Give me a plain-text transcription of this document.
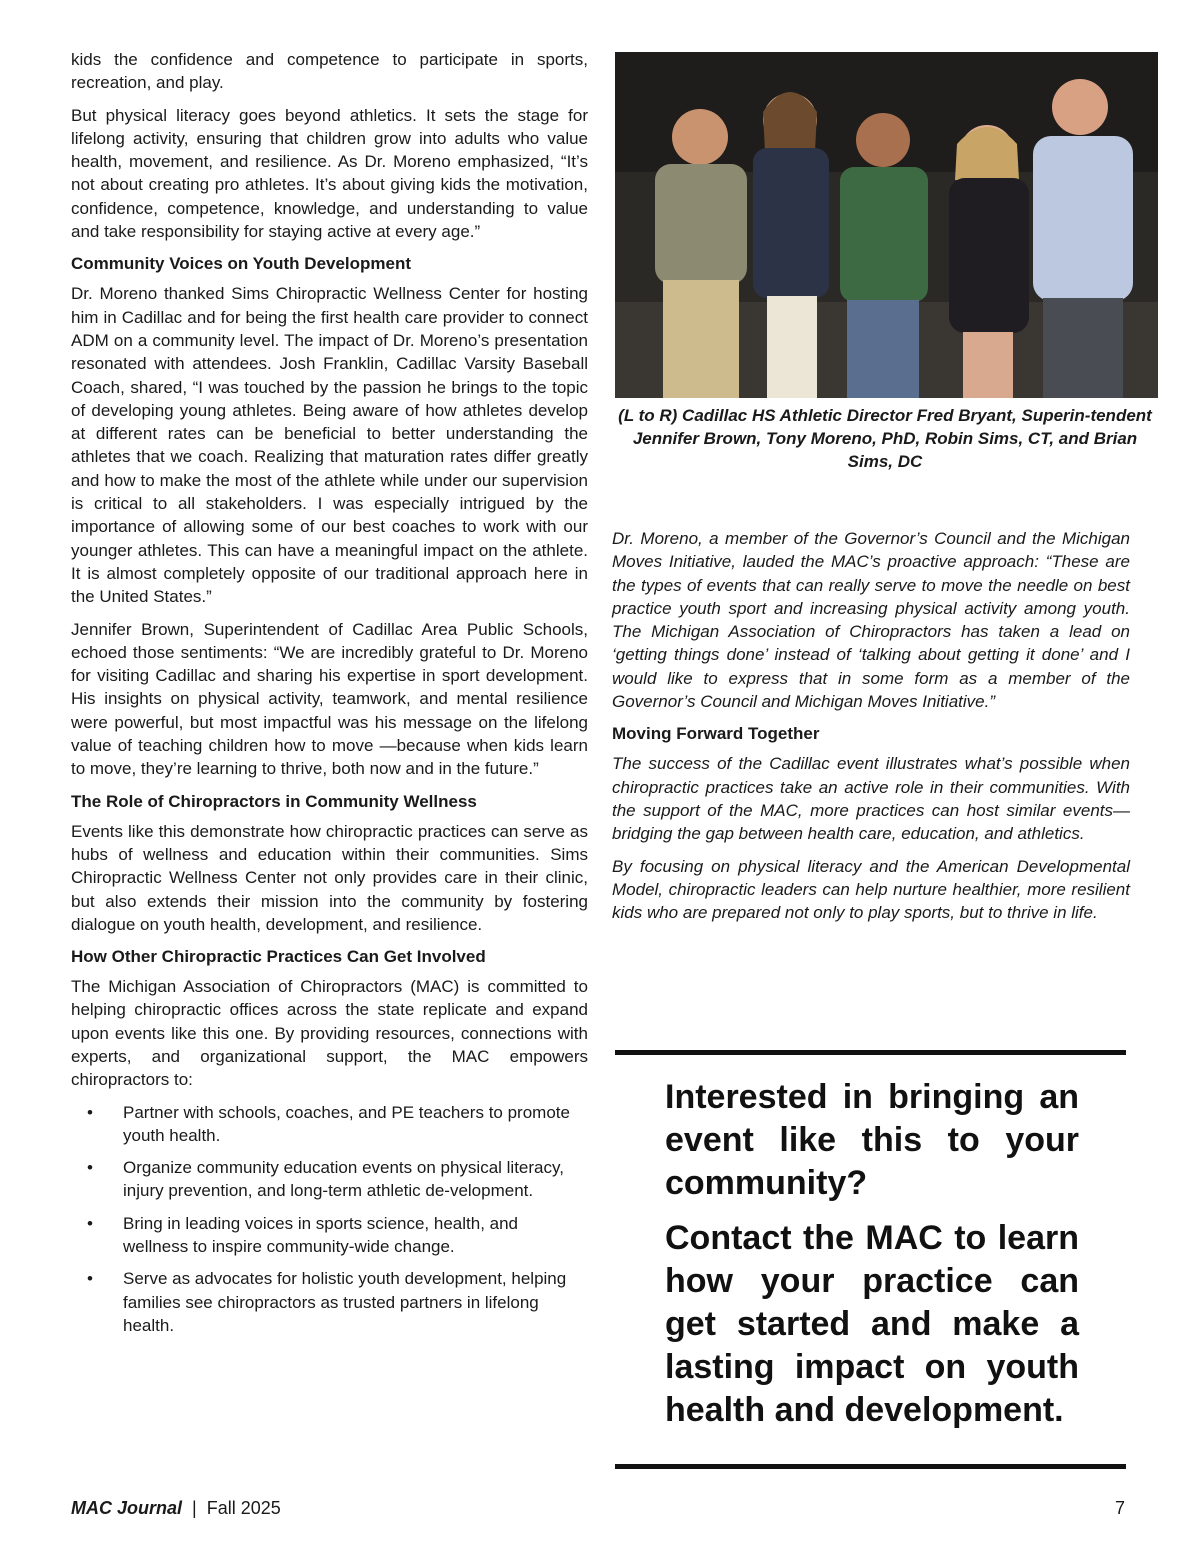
kids the confidence and competence to participate in sports, recreation, and play.

But physical literacy goes beyond athletics. It sets the stage for lifelong activity, ensuring that children grow into adults who value health, movement, and resilience. As Dr. Moreno emphasized, “It’s not about creating pro athletes. It’s about giving kids the motivation, confidence, competence, knowledge, and understanding to value and take responsibility for staying active at every age.”

Community Voices on Youth Development

Dr. Moreno thanked Sims Chiropractic Wellness Center for hosting him in Cadillac and for being the first health care provider to connect ADM on a community level. The impact of Dr. Moreno’s presentation resonated with attendees. Josh Franklin, Cadillac Varsity Baseball Coach, shared, “I was touched by the passion he brings to the topic of developing young athletes. Being aware of how athletes develop at different rates can be beneficial to better understanding the athletes that we coach. Realizing that maturation rates differ greatly and how to make the most of the athlete while under our supervision is critical to all stakeholders. I was especially intrigued by the importance of allowing some of our best coaches to work with our younger athletes. This can have a meaningful impact on the athlete. It is almost completely opposite of our traditional approach here in the United States.”

Jennifer Brown, Superintendent of Cadillac Area Public Schools, echoed those sentiments: “We are incredibly grateful to Dr. Moreno for visiting Cadillac and sharing his expertise in sport development. His insights on physical activity, teamwork, and mental resilience were powerful, but most impactful was his message on the lifelong value of teaching children how to move —because when kids learn to move, they’re learning to thrive, both now and in the future.”

The Role of Chiropractors in Community Wellness

Events like this demonstrate how chiropractic practices can serve as hubs of wellness and education within their communities. Sims Chiropractic Wellness Center not only provides care in their clinic, but also extends their mission into the community by fostering dialogue on youth health, development, and resilience.

How Other Chiropractic Practices Can Get Involved

The Michigan Association of Chiropractors (MAC) is committed to helping chiropractic offices across the state replicate and expand upon events like this one. By providing resources, connections with experts, and organizational support, the MAC empowers chiropractors to:

• Partner with schools, coaches, and PE teachers to promote youth health.
• Organize community education events on physical literacy, injury prevention, and long-term athletic de-velopment.
• Bring in leading voices in sports science, health, and wellness to inspire community-wide change.
• Serve as advocates for holistic youth development, helping families see chiropractors as trusted partners in lifelong health.
(L to R) Cadillac HS Athletic Director Fred Bryant, Superin-tendent Jennifer Brown, Tony Moreno, PhD, Robin Sims, CT, and Brian Sims, DC

Dr. Moreno, a member of the Governor’s Council and the Michigan Moves Initiative, lauded the MAC’s proactive approach: “These are the types of events that can really serve to move the needle on best practice youth sport and increasing physical activity among youth. The Michigan Association of Chiropractors has taken a lead on ‘getting things done’ instead of ‘talking about getting it done’ and I would like to express that in some form as a member of the Governor’s Council and Michigan Moves Initiative.”

Moving Forward Together

The success of the Cadillac event illustrates what’s possible when chiropractic practices take an active role in their communities. With the support of the MAC, more practices can host similar events—bridging the gap between health care, education, and athletics.

By focusing on physical literacy and the American Developmental Model, chiropractic leaders can help nurture healthier, more resilient kids who are prepared not only to play sports, but to thrive in life.

Interested in bringing an event like this to your community?

Contact the MAC to learn how your practice can get started and make a lasting impact on youth health and development.

MAC Journal | Fall 2025	7
